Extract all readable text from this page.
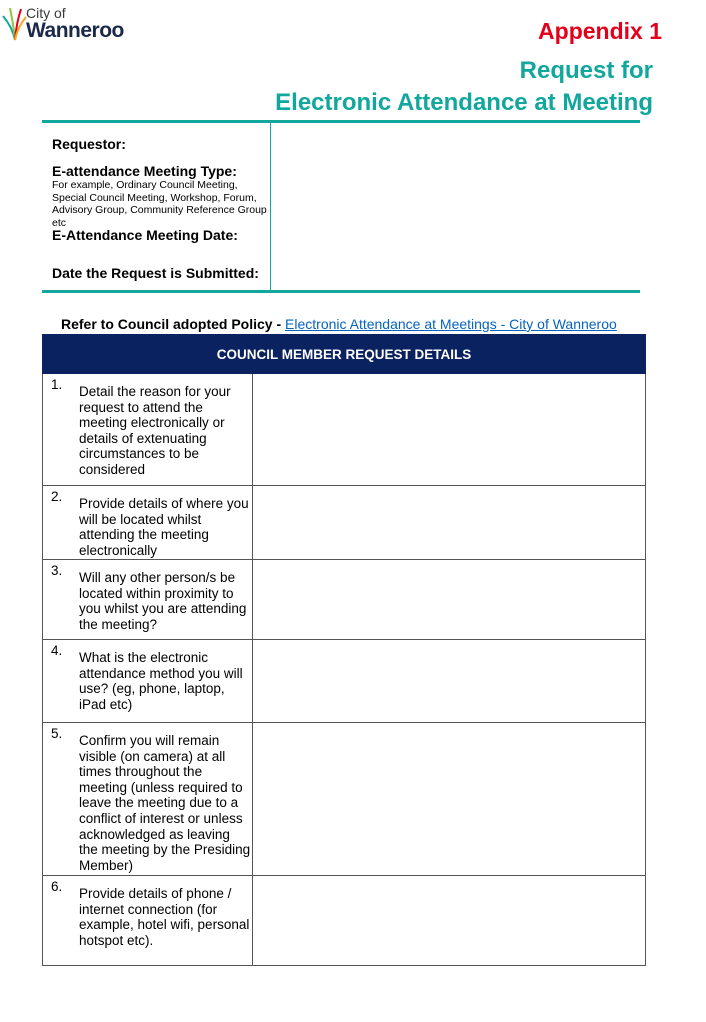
City of
Wanneroo	Appendix 1
Request for
Electronic Attendance at Meeting
Requestor:
E-attendance Meeting Type:
For example, Ordinary Council Meeting, Special Council Meeting, Workshop, Forum, Advisory Group, Community Reference Group etc
E-Attendance Meeting Date:
Date the Request is Submitted:
Refer to Council adopted Policy - Electronic Attendance at Meetings - City of Wanneroo
COUNCIL MEMBER REQUEST DETAILS	

1. Detail the reason for your request to attend the meeting electronically or details of extenuating circumstances to be considered	

2. Provide details of where you will be located whilst attending the meeting electronically	

3. Will any other person/s be located within proximity to you whilst you are attending the meeting?	

4. What is the electronic attendance method you will use? (eg, phone, laptop, iPad etc)	

5. Confirm you will remain visible (on camera) at all times throughout the meeting (unless required to leave the meeting due to a conflict of interest or unless acknowledged as leaving the meeting by the Presiding Member)	

6. Provide details of phone / internet connection (for example, hotel wifi, personal hotspot etc).	
